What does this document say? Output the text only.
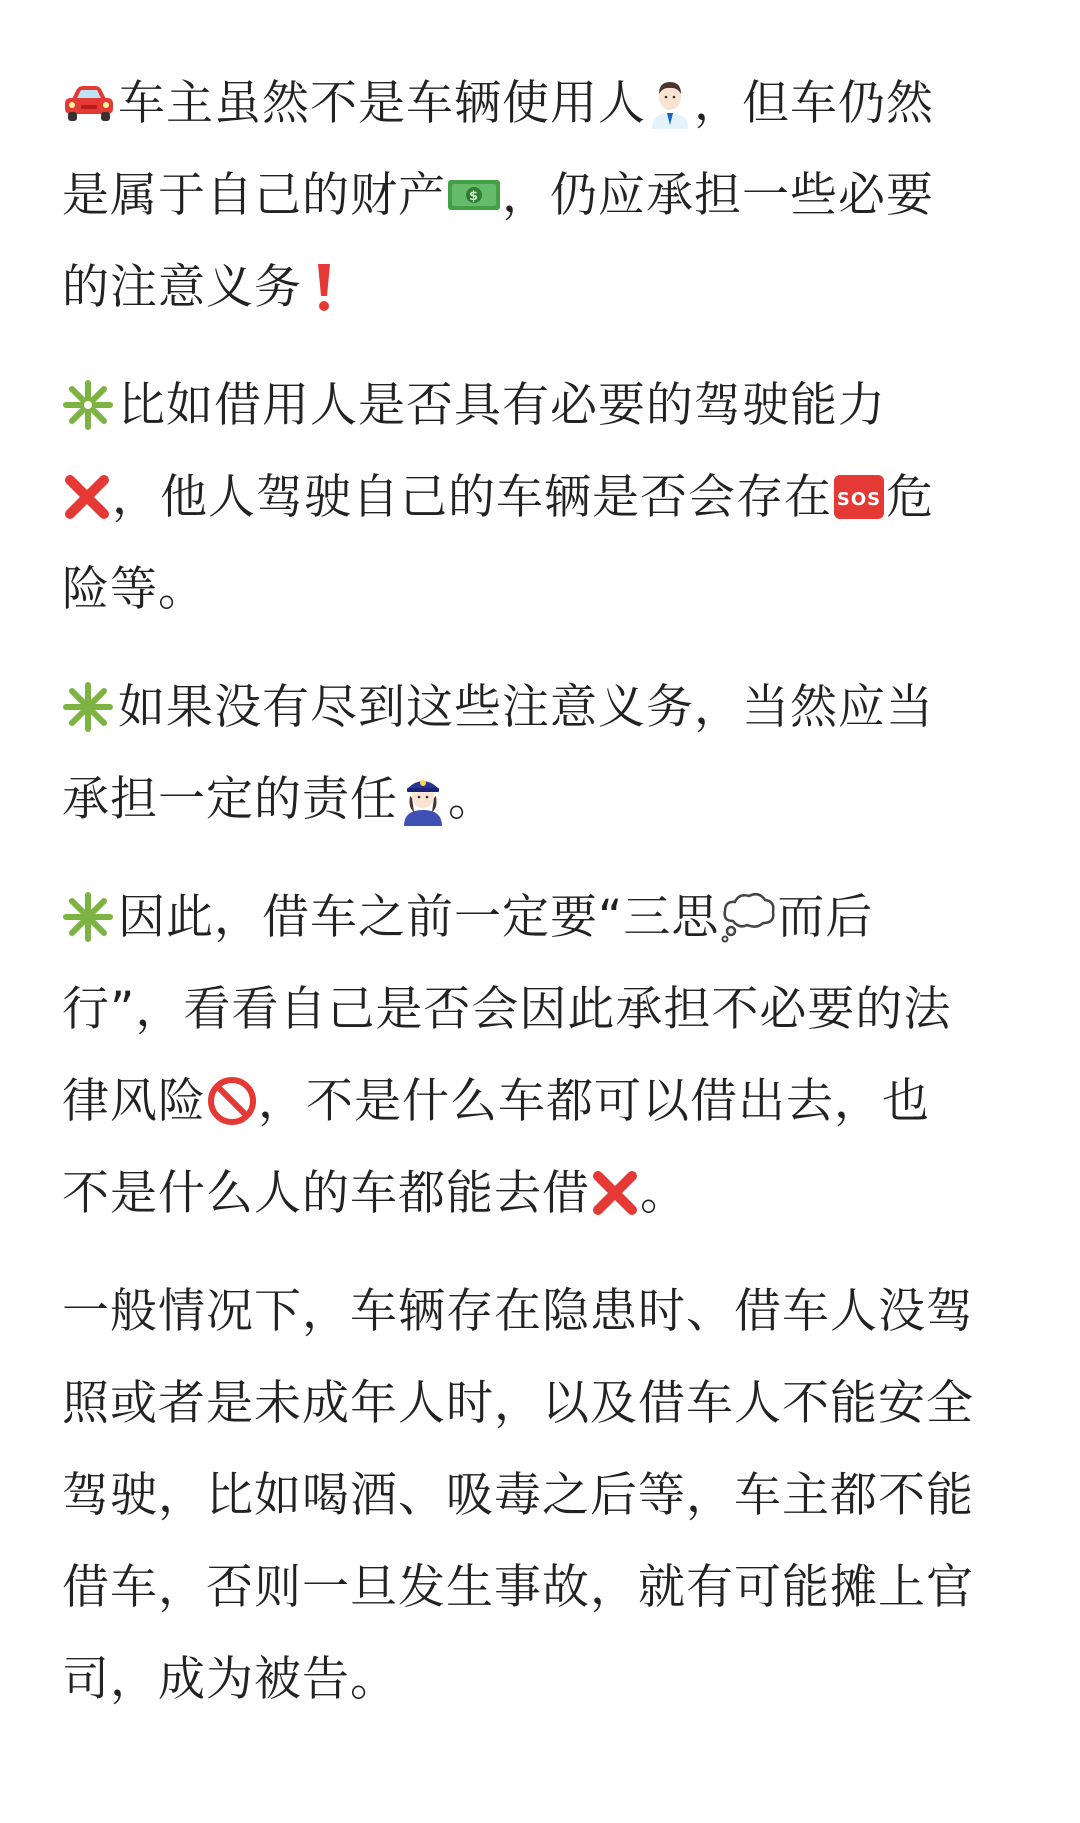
车主虽然不是车辆使用人 ，但车仍然
是属于自己的财产 $ ，仍应承担一些必要
的注意义务
比如借用人是否具有必要的驾驶能力
，他人驾驶自己的车辆是否会存在 SOS 危
险等。
如果没有尽到这些注意义务，当然应当
承担一定的责任 。
因此，借车之前一定要“三思 而后
行”，看看自己是否会因此承担不必要的法
律风险 ，不是什么车都可以借出去，也
不是什么人的车都能去借 。
一般情况下，车辆存在隐患时、借车人没驾
照或者是未成年人时，以及借车人不能安全
驾驶，比如喝酒、吸毒之后等，车主都不能
借车，否则一旦发生事故，就有可能摊上官
司，成为被告。
